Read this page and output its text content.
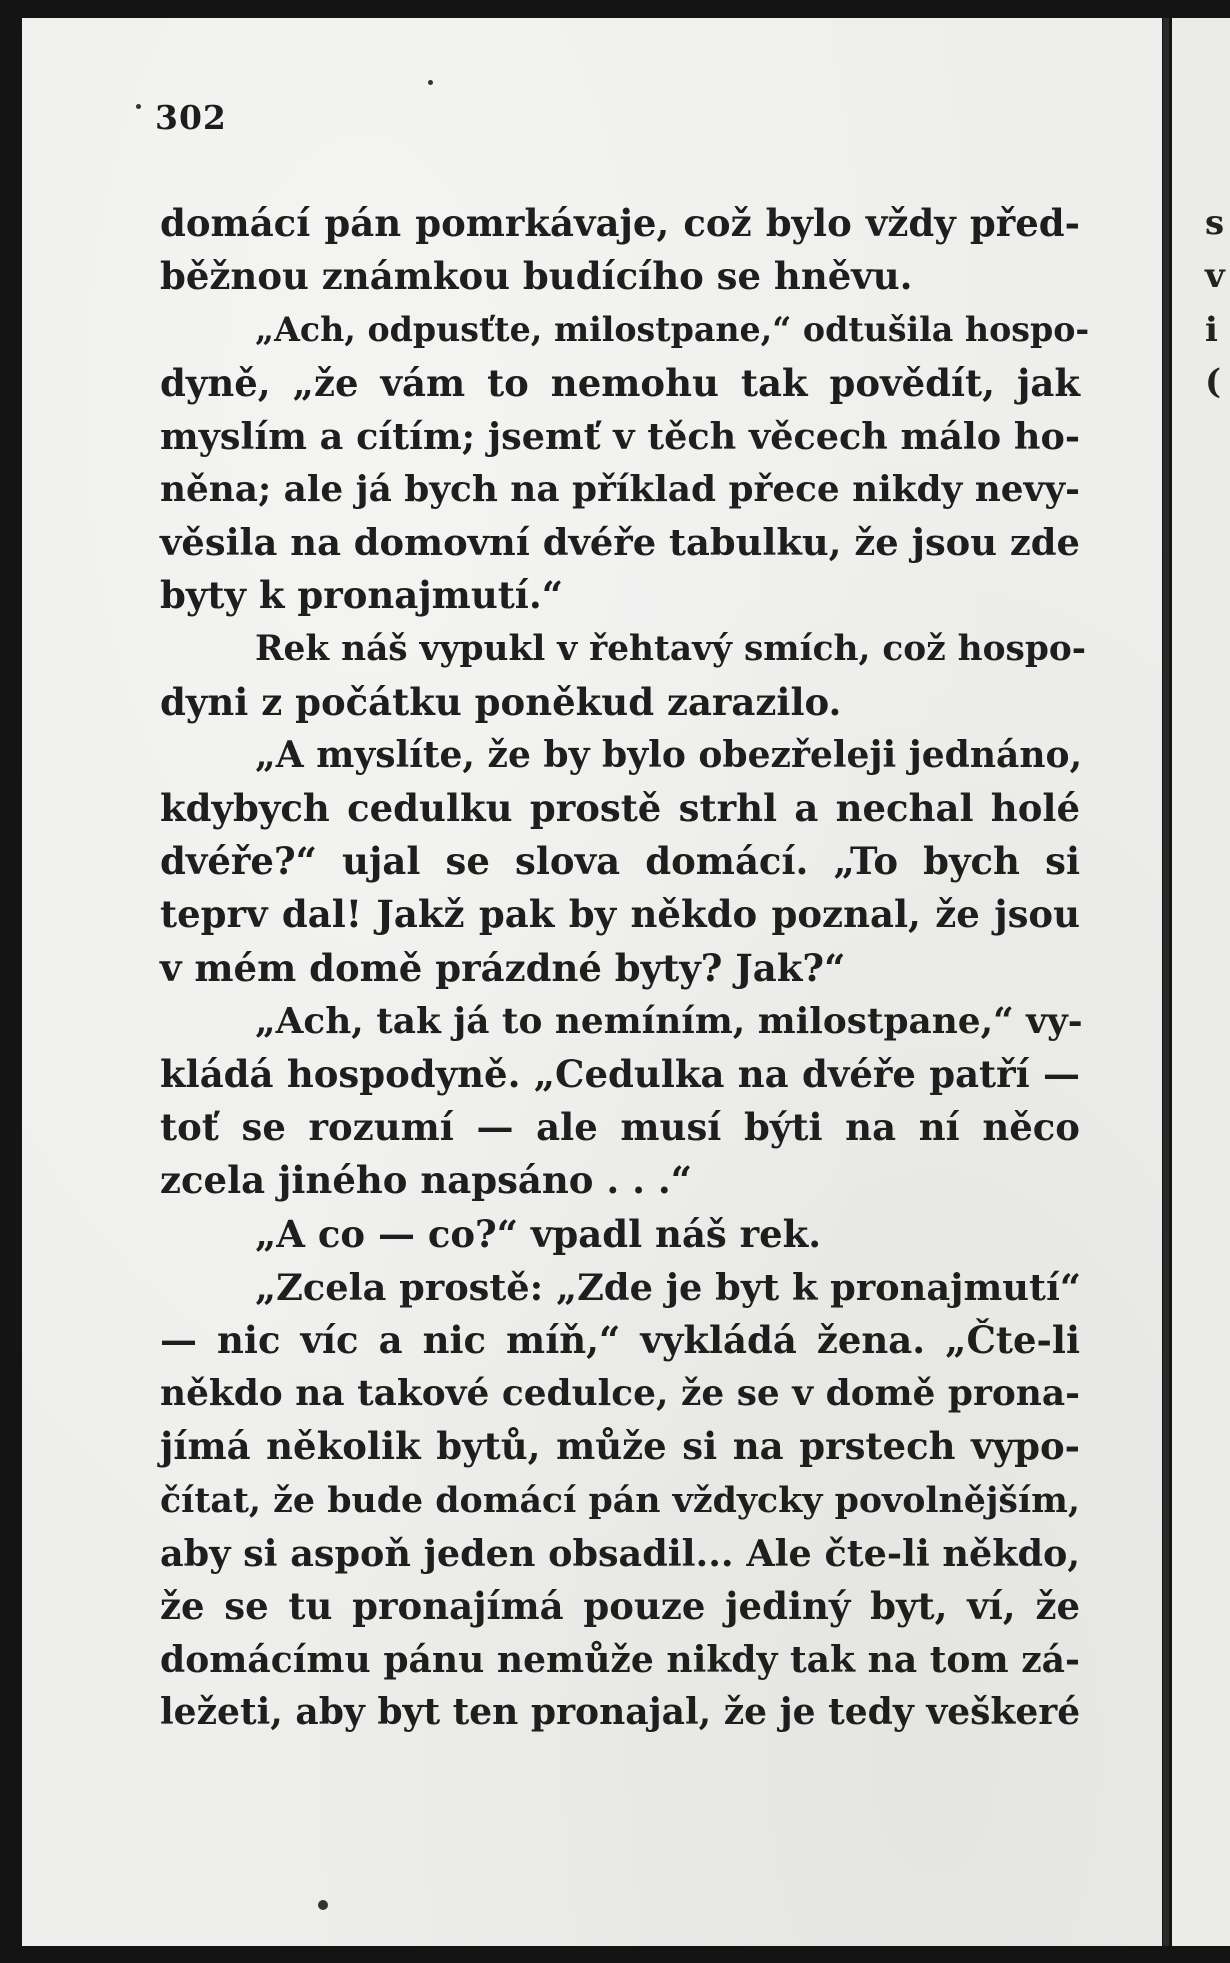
302
domácí pán pomrkávaje, což bylo vždy před-
běžnou známkou budícího se hněvu.
„Ach, odpusťte, milostpane,“ odtušila hospo-
dyně, „že vám to nemohu tak povědít, jak
myslím a cítím; jsemť v těch věcech málo ho-
něna; ale já bych na příklad přece nikdy nevy-
věsila na domovní dvéře tabulku, že jsou zde
byty k pronajmutí.“
Rek náš vypukl v řehtavý smích, což hospo-
dyni z počátku poněkud zarazilo.
„A myslíte, že by bylo obezřeleji jednáno,
kdybych cedulku prostě strhl a nechal holé
dvéře?“ ujal se slova domácí. „To bych si
teprv dal! Jakž pak by někdo poznal, že jsou
v mém domě prázdné byty? Jak?“
„Ach, tak já to nemíním, milostpane,“ vy-
kládá hospodyně. „Cedulka na dvéře patří —
toť se rozumí — ale musí býti na ní něco
zcela jiného napsáno . . .“
„A co — co?“ vpadl náš rek.
„Zcela prostě: „Zde je byt k pronajmutí“
— nic víc a nic míň,“ vykládá žena. „Čte-li
někdo na takové cedulce, že se v domě prona-
jímá několik bytů, může si na prstech vypo-
čítat, že bude domácí pán vždycky povolnějším,
aby si aspoň jeden obsadil... Ale čte-li někdo,
že se tu pronajímá pouze jediný byt, ví, že
domácímu pánu nemůže nikdy tak na tom zá-
ležeti, aby byt ten pronajal, že je tedy veškeré
s
v
i
(
